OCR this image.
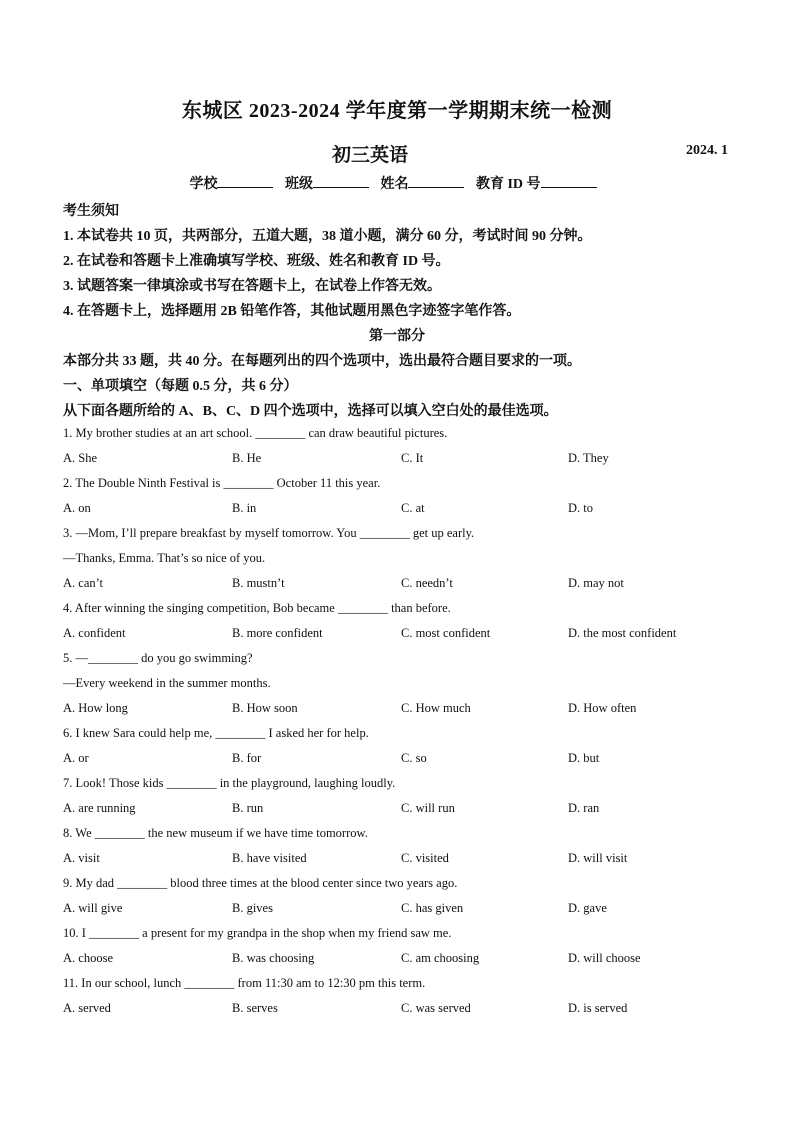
东城区 2023-2024 学年度第一学期期末统一检测
初三英语	2024. 1
学校	班级	姓名	教育 ID 号
考生须知
1. 本试卷共 10 页，共两部分，五道大题，38 道小题，满分 60 分，考试时间 90 分钟。
2. 在试卷和答题卡上准确填写学校、班级、姓名和教育 ID 号。
3. 试题答案一律填涂或书写在答题卡上，在试卷上作答无效。
4. 在答题卡上，选择题用 2B 铅笔作答，其他试题用黑色字迹签字笔作答。
第一部分
本部分共 33 题，共 40 分。在每题列出的四个选项中，选出最符合题目要求的一项。
一、单项填空（每题 0.5 分，共 6 分）
从下面各题所给的 A、B、C、D 四个选项中，选择可以填入空白处的最佳选项。
1. My brother studies at an art school. ________ can draw beautiful pictures.
A. She	B. He	C. It	D. They
2. The Double Ninth Festival is ________ October 11 this year.
A. on	B. in	C. at	D. to
3. —Mom, I’ll prepare breakfast by myself tomorrow. You ________ get up early.
—Thanks, Emma. That’s so nice of you.
A. can’t	B. mustn’t	C. needn’t	D. may not
4. After winning the singing competition, Bob became ________ than before.
A. confident	B. more confident	C. most confident	D. the most confident
5. —________ do you go swimming?
—Every weekend in the summer months.
A. How long	B. How soon	C. How much	D. How often
6. I knew Sara could help me, ________ I asked her for help.
A. or	B. for	C. so	D. but
7. Look! Those kids ________ in the playground, laughing loudly.
A. are running	B. run	C. will run	D. ran
8. We ________ the new museum if we have time tomorrow.
A. visit	B. have visited	C. visited	D. will visit
9. My dad ________ blood three times at the blood center since two years ago.
A. will give	B. gives	C. has given	D. gave
10. I ________ a present for my grandpa in the shop when my friend saw me.
A. choose	B. was choosing	C. am choosing	D. will choose
11. In our school, lunch ________ from 11:30 am to 12:30 pm this term.
A. served	B. serves	C. was served	D. is served
